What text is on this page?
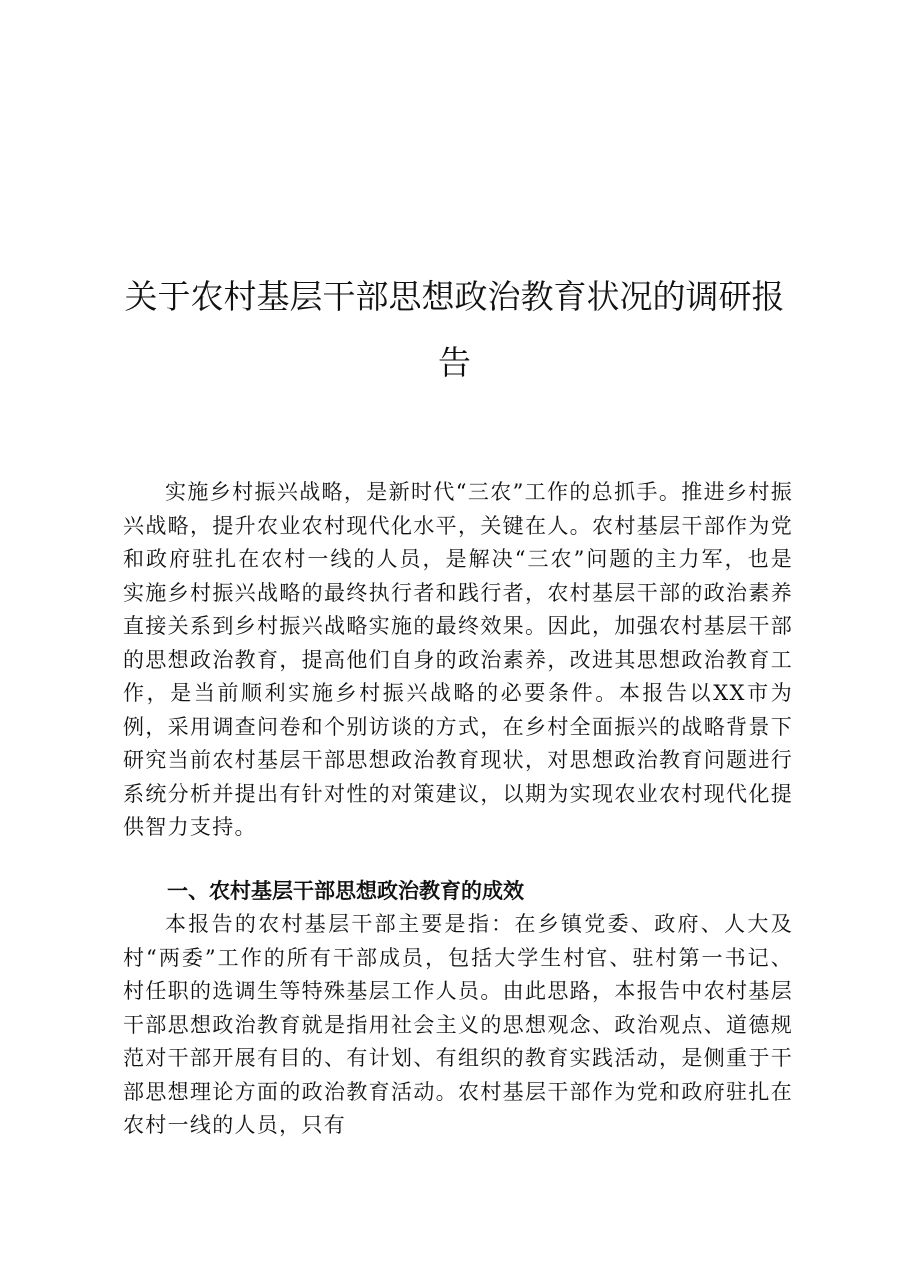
关于农村基层干部思想政治教育状况的调研报
告

实施乡村振兴战略，是新时代“三农”工作的总抓手。推进乡村振兴战略，提升农业农村现代化水平，关键在人。农村基层干部作为党和政府驻扎在农村一线的人员，是解决“三农”问题的主力军，也是实施乡村振兴战略的最终执行者和践行者，农村基层干部的政治素养直接关系到乡村振兴战略实施的最终效果。因此，加强农村基层干部的思想政治教育，提高他们自身的政治素养，改进其思想政治教育工作，是当前顺利实施乡村振兴战略的必要条件。本报告以XX市为例，采用调查问卷和个别访谈的方式，在乡村全面振兴的战略背景下研究当前农村基层干部思想政治教育现状，对思想政治教育问题进行系统分析并提出有针对性的对策建议，以期为实现农业农村现代化提供智力支持。

一、农村基层干部思想政治教育的成效

本报告的农村基层干部主要是指：在乡镇党委、政府、人大及村“两委”工作的所有干部成员，包括大学生村官、驻村第一书记、村任职的选调生等特殊基层工作人员。由此思路，本报告中农村基层干部思想政治教育就是指用社会主义的思想观念、政治观点、道德规范对干部开展有目的、有计划、有组织的教育实践活动，是侧重于干部思想理论方面的政治教育活动。农村基层干部作为党和政府驻扎在农村一线的人员，只有
